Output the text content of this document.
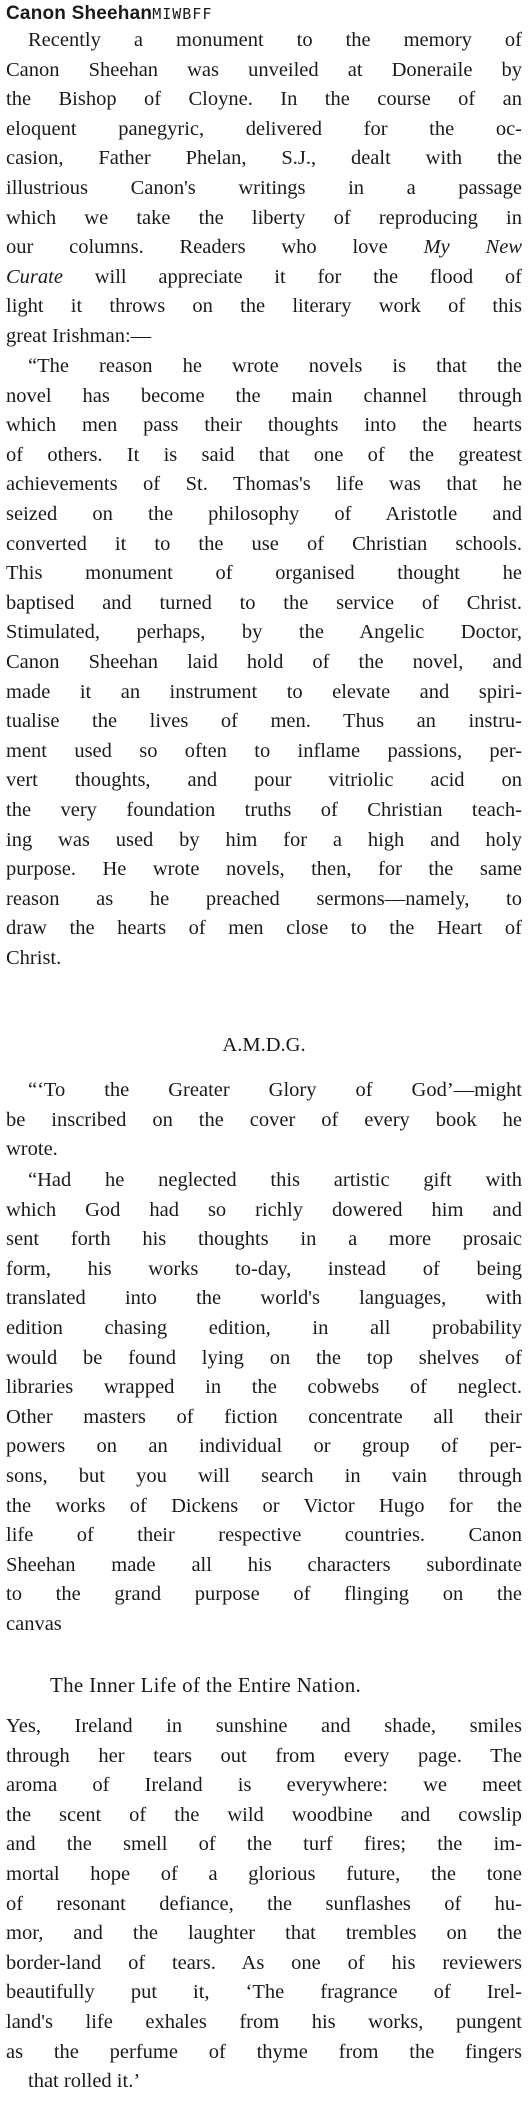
Canon SheehanMIWBFF
Recently a monument to the memory of
Canon Sheehan was unveiled at Doneraile by
the Bishop of Cloyne. In the course of an
eloquent panegyric, delivered for the oc-
casion, Father Phelan, S.J., dealt with the
illustrious Canon's writings in a passage
which we take the liberty of reproducing in
our columns. Readers who love My New
Curate will appreciate it for the flood of
light it throws on the literary work of this
great Irishman:—
“The reason he wrote novels is that the
novel has become the main channel through
which men pass their thoughts into the hearts
of others. It is said that one of the greatest
achievements of St. Thomas's life was that he
seized on the philosophy of Aristotle and
converted it to the use of Christian schools.
This monument of organised thought he
baptised and turned to the service of Christ.
Stimulated, perhaps, by the Angelic Doctor,
Canon Sheehan laid hold of the novel, and
made it an instrument to elevate and spiri-
tualise the lives of men. Thus an instru-
ment used so often to inflame passions, per-
vert thoughts, and pour vitriolic acid on
the very foundation truths of Christian teach-
ing was used by him for a high and holy
purpose. He wrote novels, then, for the same
reason as he preached sermons—namely, to
draw the hearts of men close to the Heart of
Christ.
A.M.D.G.
“‘To the Greater Glory of God’—might
be inscribed on the cover of every book he
wrote.
“Had he neglected this artistic gift with
which God had so richly dowered him and
sent forth his thoughts in a more prosaic
form, his works to-day, instead of being
translated into the world's languages, with
edition chasing edition, in all probability
would be found lying on the top shelves of
libraries wrapped in the cobwebs of neglect.
Other masters of fiction concentrate all their
powers on an individual or group of per-
sons, but you will search in vain through
the works of Dickens or Victor Hugo for the
life of their respective countries. Canon
Sheehan made all his characters subordinate
to the grand purpose of flinging on the
canvas
The Inner Life of the Entire Nation.
Yes, Ireland in sunshine and shade, smiles
through her tears out from every page. The
aroma of Ireland is everywhere: we meet
the scent of the wild woodbine and cowslip
and the smell of the turf fires; the im-
mortal hope of a glorious future, the tone
of resonant defiance, the sunflashes of hu-
mor, and the laughter that trembles on the
border-land of tears. As one of his reviewers
beautifully put it, ‘The fragrance of Irel-
land's life exhales from his works, pungent
as the perfume of thyme from the fingers
that rolled it.’
